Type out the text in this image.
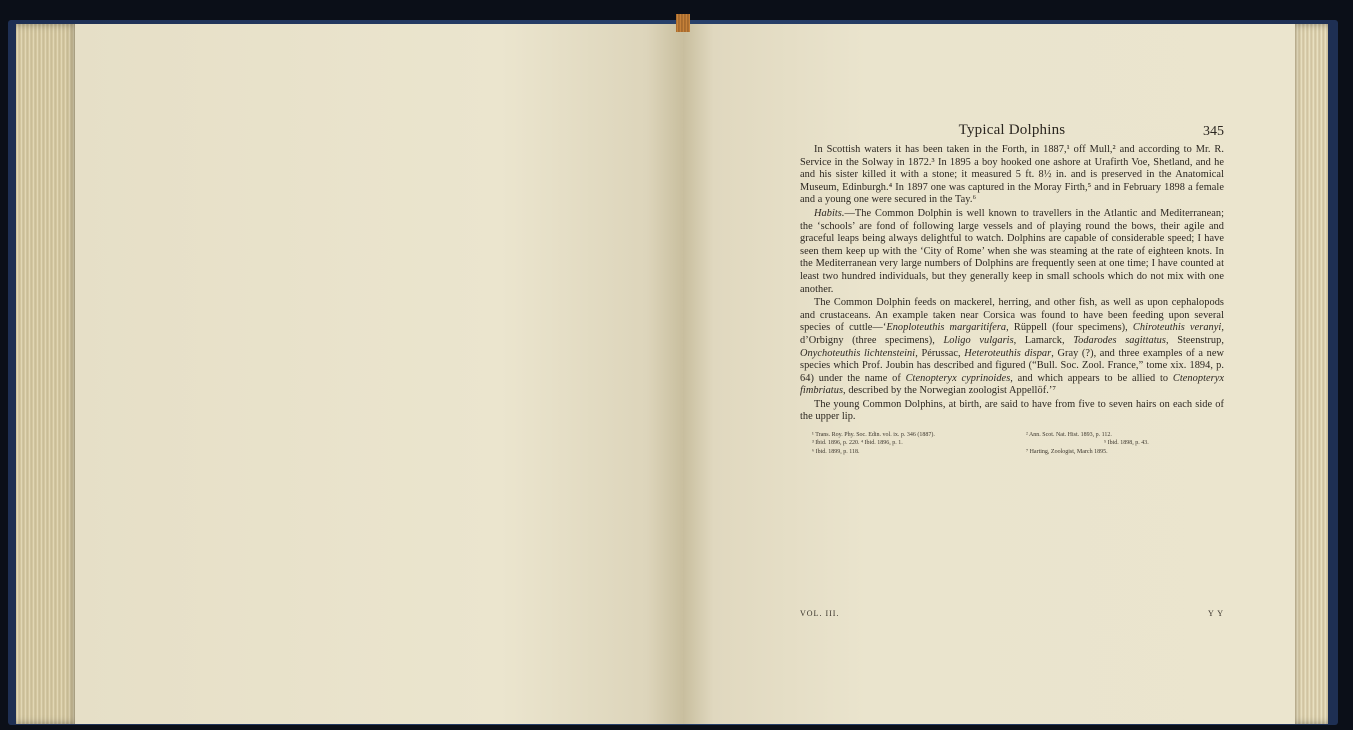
Typical Dolphins	345

In Scottish waters it has been taken in the Forth, in 1887,¹ off Mull,² and according to Mr. R. Service in the Solway in 1872.³ In 1895 a boy hooked one ashore at Urafirth Voe, Shetland, and he and his sister killed it with a stone; it measured 5 ft. 8½ in. and is preserved in the Anatomical Museum, Edinburgh.⁴ In 1897 one was captured in the Moray Firth,⁵ and in February 1898 a female and a young one were secured in the Tay.⁶

Habits.—The Common Dolphin is well known to travellers in the Atlantic and Mediterranean; the ‘schools’ are fond of following large vessels and of playing round the bows, their agile and graceful leaps being always delightful to watch. Dolphins are capable of considerable speed; I have seen them keep up with the ‘City of Rome’ when she was steaming at the rate of eighteen knots. In the Mediterranean very large numbers of Dolphins are frequently seen at one time; I have counted at least two hundred individuals, but they generally keep in small schools which do not mix with one another.

The Common Dolphin feeds on mackerel, herring, and other fish, as well as upon cephalopods and crustaceans. An example taken near Corsica was found to have been feeding upon several species of cuttle—‘Enoploteuthis margaritifera, Rüppell (four specimens), Chiroteuthis veranyi, d’Orbigny (three specimens), Loligo vulgaris, Lamarck, Todarodes sagittatus, Steenstrup, Onychoteuthis lichtensteini, Pérussac, Heteroteuthis dispar, Gray (?), and three examples of a new species which Prof. Joubin has described and figured (“Bull. Soc. Zool. France,” tome xix. 1894, p. 64) under the name of Ctenopteryx cyprinoides, and which appears to be allied to Ctenopteryx fimbriatus, described by the Norwegian zoologist Appellöf.’⁷

The young Common Dolphins, at birth, are said to have from five to seven hairs on each side of the upper lip.

¹ Trans. Roy. Phy. Soc. Edin. vol. ix. p. 346 (1887).
³ Ibid. 1896, p. 220. ⁴ Ibid. 1896, p. 1.
⁶ Ibid. 1899, p. 118.
² Ann. Scot. Nat. Hist. 1893, p. 112.
⁵ Ibid. 1898, p. 43.
⁷ Harting, Zoologist, March 1895.
VOL. III.	Y Y
